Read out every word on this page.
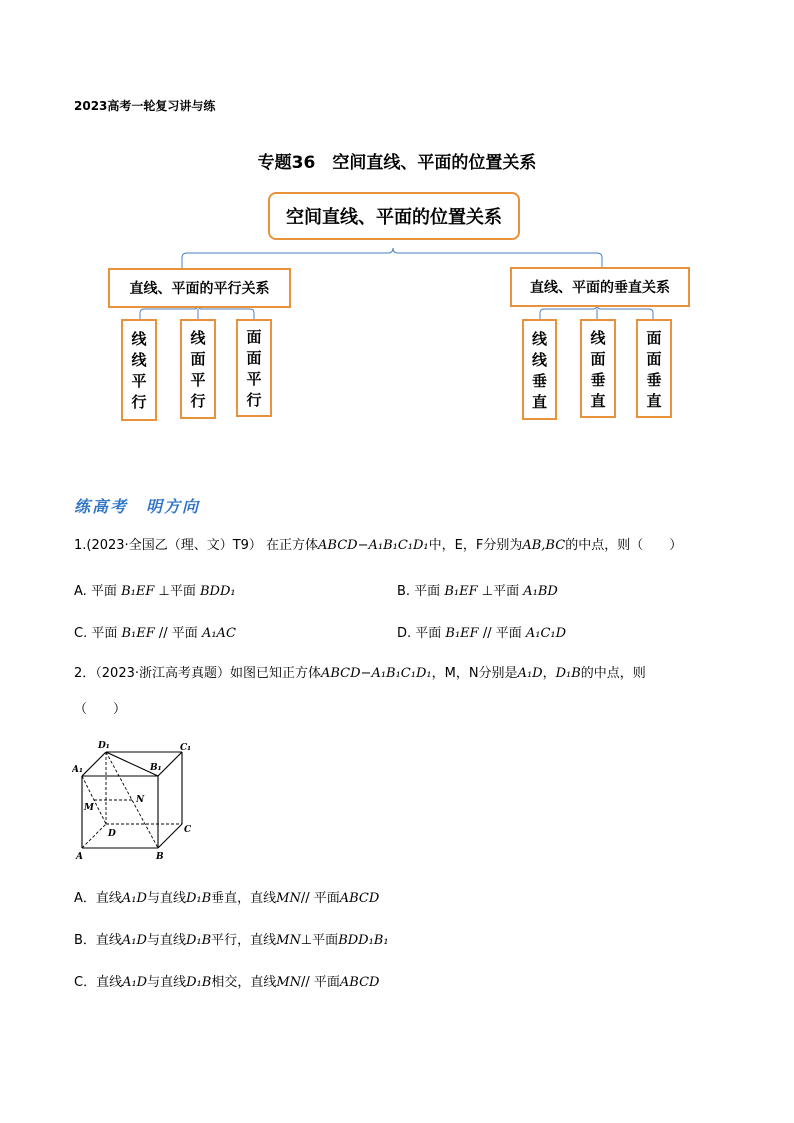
2023高考一轮复习讲与练
专题36　空间直线、平面的位置关系
空间直线、平面的位置关系
直线、平面的平行关系	直线、平面的垂直关系
线线平行
线面平行
面面平行
线线垂直
线面垂直
面面垂直
练高考　明方向
1.(2023·全国乙（理、文）T9） 在正方体ABCD−A₁B₁C₁D₁中，E，F分别为AB,BC的中点，则（　　）
A. 平面 B₁EF ⊥平面 BDD₁	B. 平面 B₁EF ⊥平面 A₁BD
C. 平面 B₁EF // 平面 A₁AC	D. 平面 B₁EF // 平面 A₁C₁D
2．（2023·浙江高考真题）如图已知正方体ABCD−A₁B₁C₁D₁，M，N分别是A₁D，D₁B的中点，则
（　　）
D₁	C₁
A₁	B₁
M
N
D	C
A	B
A．直线A₁D与直线D₁B垂直，直线MN// 平面ABCD
B．直线A₁D与直线D₁B平行，直线MN⊥平面BDD₁B₁
C．直线A₁D与直线D₁B相交，直线MN// 平面ABCD
